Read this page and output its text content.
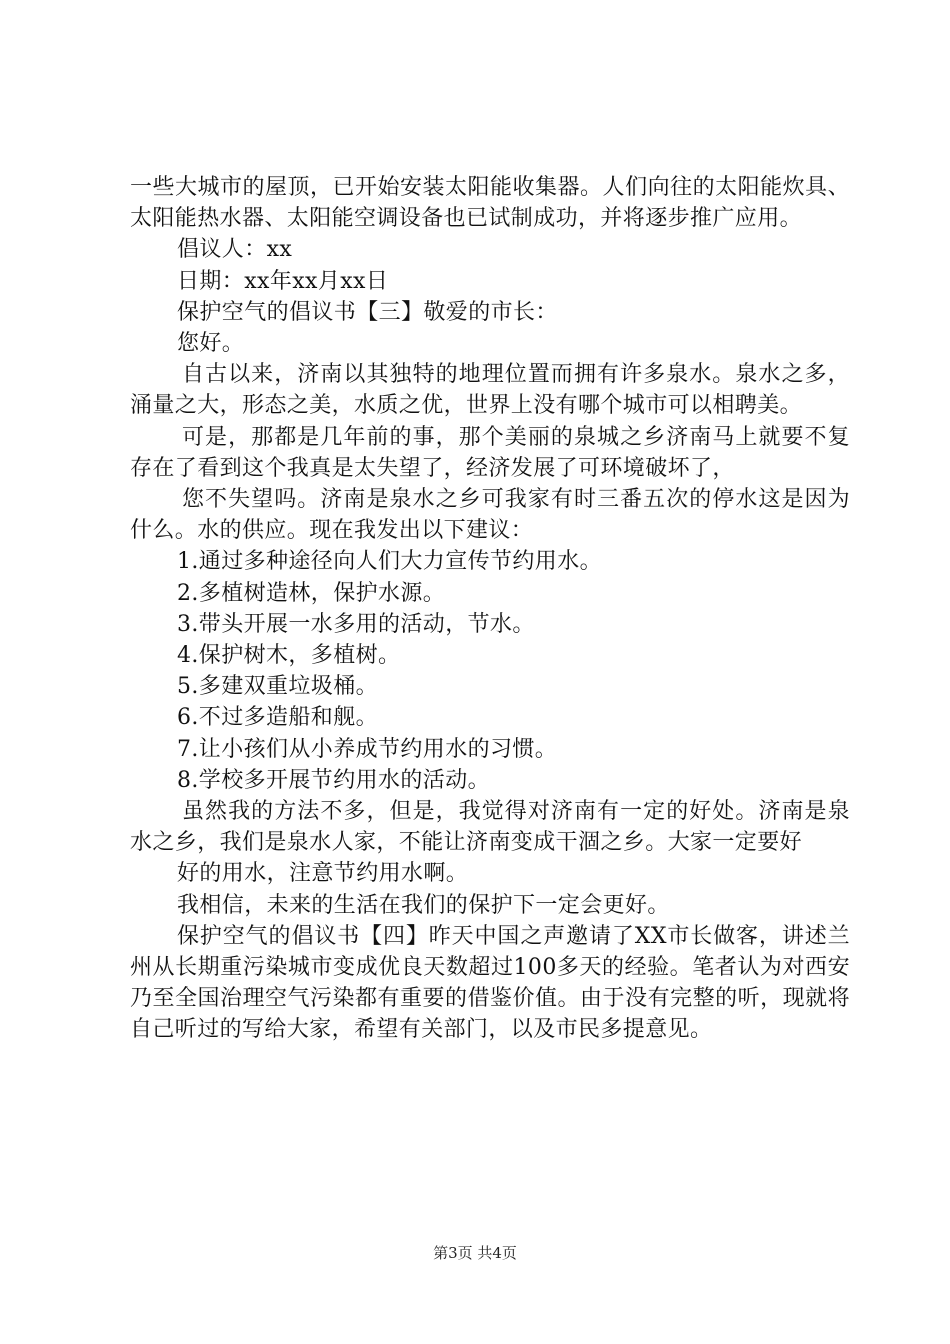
一些大城市的屋顶，已开始安装太阳能收集器。人们向往的太阳能炊具、太阳能热水器、太阳能空调设备也已试制成功，并将逐步推广应用。

倡议人：xx

日期：xx年xx月xx日

保护空气的倡议书【三】敬爱的市长：

您好。

自古以来，济南以其独特的地理位置而拥有许多泉水。泉水之多，涌量之大，形态之美，水质之优，世界上没有哪个城市可以相聘美。

可是，那都是几年前的事，那个美丽的泉城之乡济南马上就要不复存在了看到这个我真是太失望了，经济发展了可环境破坏了，

您不失望吗。济南是泉水之乡可我家有时三番五次的停水这是因为什么。水的供应。现在我发出以下建议：

1.通过多种途径向人们大力宣传节约用水。

2.多植树造林，保护水源。

3.带头开展一水多用的活动，节水。

4.保护树木，多植树。

5.多建双重垃圾桶。

6.不过多造船和舰。

7.让小孩们从小养成节约用水的习惯。

8.学校多开展节约用水的活动。

虽然我的方法不多，但是，我觉得对济南有一定的好处。济南是泉水之乡，我们是泉水人家，不能让济南变成干涸之乡。大家一定要好

好的用水，注意节约用水啊。

我相信，未来的生活在我们的保护下一定会更好。

保护空气的倡议书【四】昨天中国之声邀请了XX市长做客，讲述兰州从长期重污染城市变成优良天数超过100多天的经验。笔者认为对西安乃至全国治理空气污染都有重要的借鉴价值。由于没有完整的听，现就将自己听过的写给大家，希望有关部门，以及市民多提意见。

第3页 共4页
